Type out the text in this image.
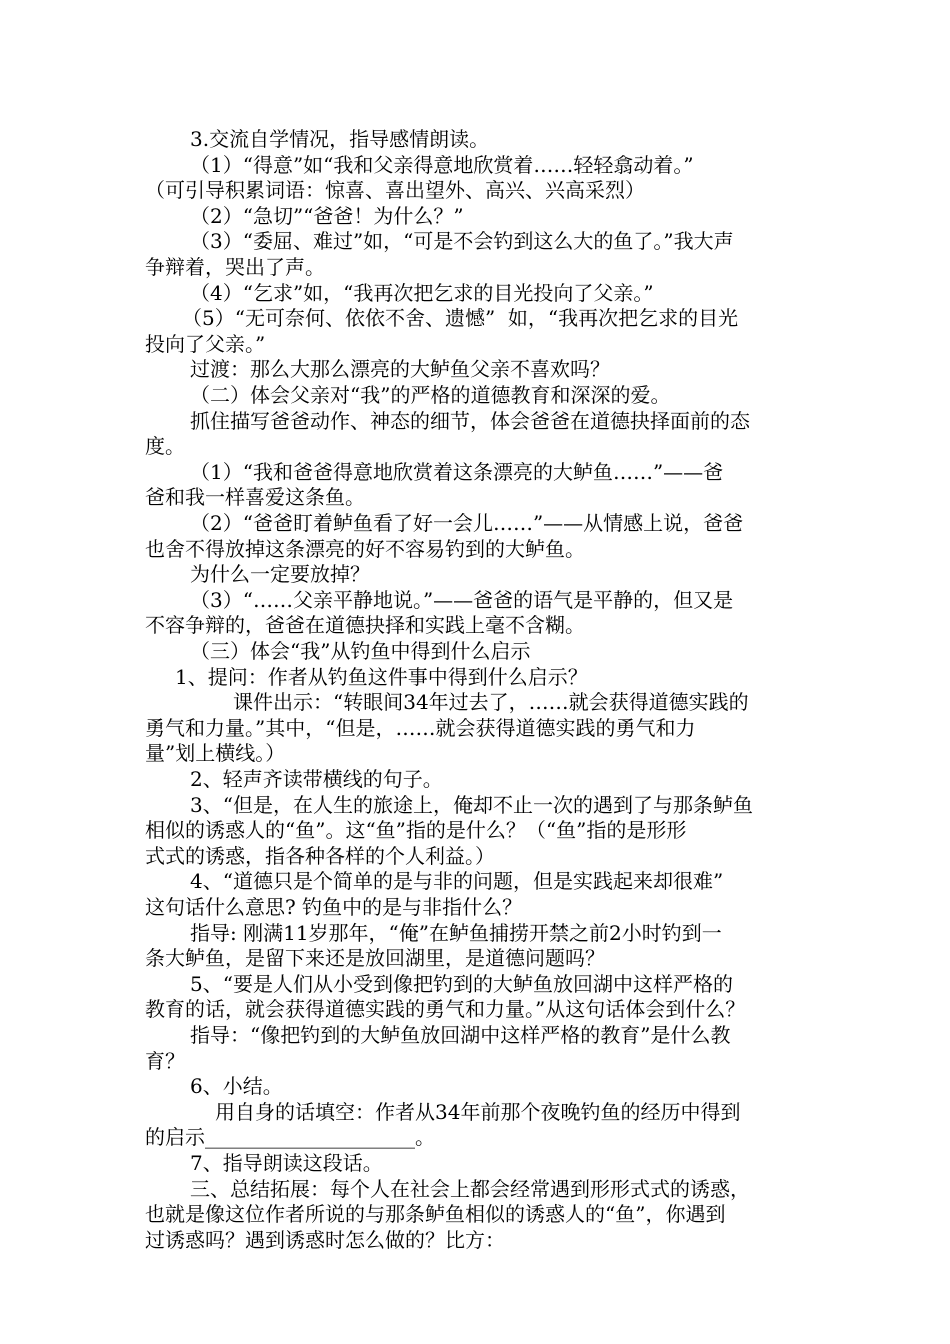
3.交流自学情况，指导感情朗读。
（1）“得意”如“我和父亲得意地欣赏着……轻轻翕动着。”
（可引导积累词语：惊喜、喜出望外、高兴、兴高采烈）
（2）“急切”“爸爸！为什么？”
（3）“委屈、难过”如，“可是不会钓到这么大的鱼了。”我大声
争辩着，哭出了声。
（4）“乞求”如，“我再次把乞求的目光投向了父亲。”
（5）“无可奈何、依依不舍、遗憾”  如，“我再次把乞求的目光
投向了父亲。”
过渡：那么大那么漂亮的大鲈鱼父亲不喜欢吗？
（二）体会父亲对“我”的严格的道德教育和深深的爱。
抓住描写爸爸动作、神态的细节，体会爸爸在道德抉择面前的态
度。
（1）“我和爸爸得意地欣赏着这条漂亮的大鲈鱼……”——爸
爸和我一样喜爱这条鱼。
（2）“爸爸盯着鲈鱼看了好一会儿……”——从情感上说，爸爸
也舍不得放掉这条漂亮的好不容易钓到的大鲈鱼。
为什么一定要放掉？
（3）“……父亲平静地说。”——爸爸的语气是平静的，但又是
不容争辩的，爸爸在道德抉择和实践上毫不含糊。
（三）体会“我”从钓鱼中得到什么启示
1、提问：作者从钓鱼这件事中得到什么启示？
课件出示：“转眼间34年过去了，……就会获得道德实践的
勇气和力量。”其中，“但是，……就会获得道德实践的勇气和力
量”划上横线。）
2、轻声齐读带横线的句子。
3、“但是，在人生的旅途上，俺却不止一次的遇到了与那条鲈鱼
相似的诱惑人的“鱼”。这“鱼”指的是什么？（“鱼”指的是形形
式式的诱惑，指各种各样的个人利益。）
4、“道德只是个简单的是与非的问题，但是实践起来却很难”
这句话什么意思? 钓鱼中的是与非指什么？
指导: 刚满11岁那年，“俺”在鲈鱼捕捞开禁之前2小时钓到一
条大鲈鱼，是留下来还是放回湖里，是道德问题吗？
5、“要是人们从小受到像把钓到的大鲈鱼放回湖中这样严格的
教育的话，就会获得道德实践的勇气和力量。”从这句话体会到什么？
指导：“像把钓到的大鲈鱼放回湖中这样严格的教育”是什么教
育？
6、小结。
用自身的话填空：作者从34年前那个夜晚钓鱼的经历中得到
的启示_____________________。
7、指导朗读这段话。
三、总结拓展：每个人在社会上都会经常遇到形形式式的诱惑，
也就是像这位作者所说的与那条鲈鱼相似的诱惑人的“鱼”，你遇到
过诱惑吗？遇到诱惑时怎么做的？比方：
